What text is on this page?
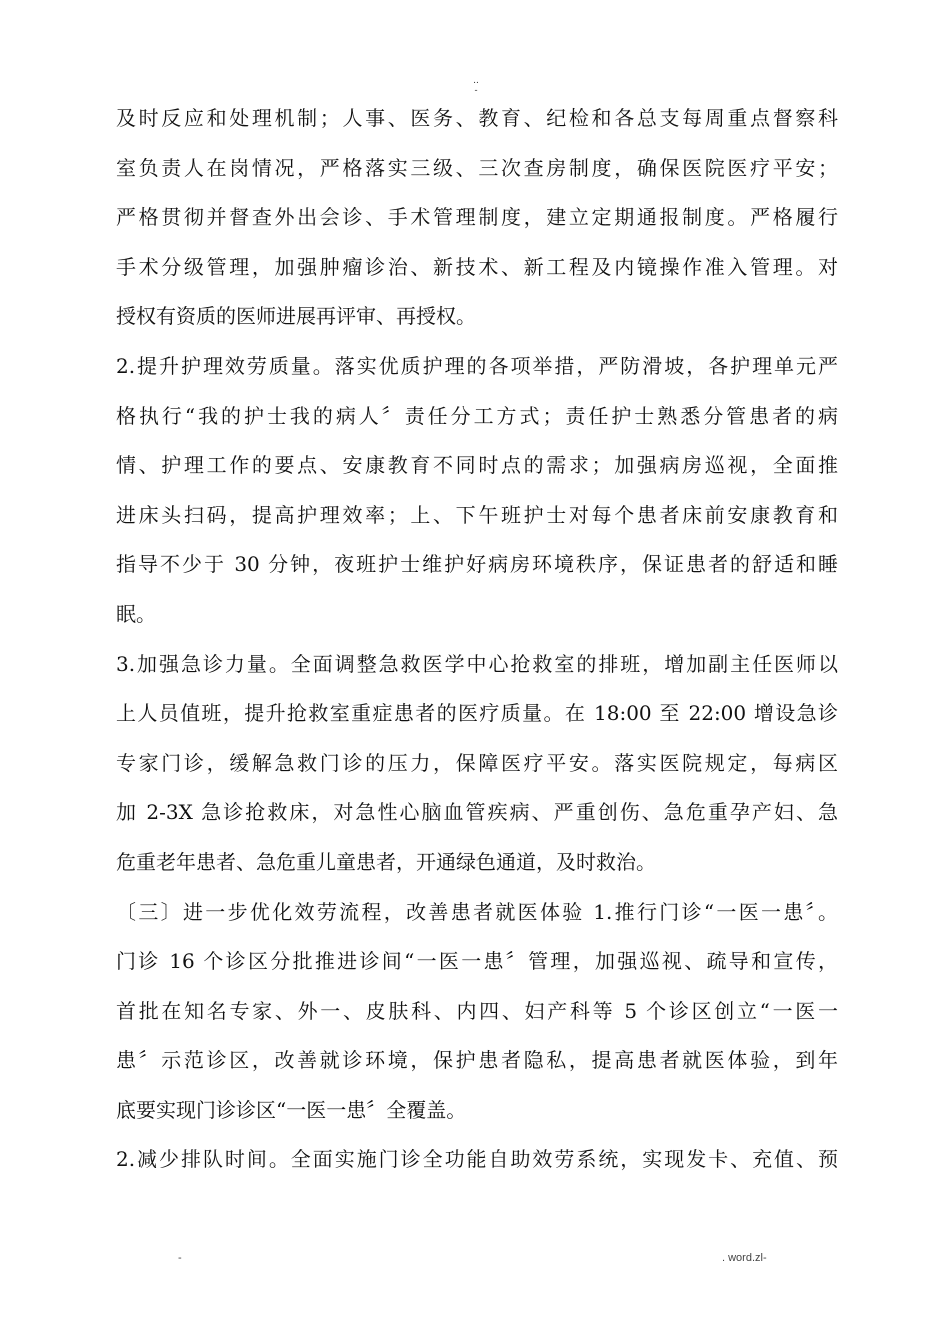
..
-
及时反应和处理机制；人事、医务、教育、纪检和各总支每周重点督察科
室负责人在岗情况，严格落实三级、三次查房制度，确保医院医疗平安；
严格贯彻并督查外出会诊、手术管理制度，建立定期通报制度。严格履行
手术分级管理，加强肿瘤诊治、新技术、新工程及内镜操作准入管理。对
授权有资质的医师进展再评审、再授权。
2.提升护理效劳质量。落实优质护理的各项举措，严防滑坡，各护理单元严
格执行“我的护士我的病人〞责任分工方式；责任护士熟悉分管患者的病
情、护理工作的要点、安康教育不同时点的需求；加强病房巡视，全面推
进床头扫码，提高护理效率；上、下午班护士对每个患者床前安康教育和
指导不少于 30 分钟，夜班护士维护好病房环境秩序，保证患者的舒适和睡
眠。
3.加强急诊力量。全面调整急救医学中心抢救室的排班，增加副主任医师以
上人员值班，提升抢救室重症患者的医疗质量。在 18:00 至 22:00 增设急诊
专家门诊，缓解急救门诊的压力，保障医疗平安。落实医院规定，每病区
加 2-3X 急诊抢救床，对急性心脑血管疾病、严重创伤、急危重孕产妇、急
危重老年患者、急危重儿童患者，开通绿色通道，及时救治。
〔三〕进一步优化效劳流程，改善患者就医体验 1.推行门诊“一医一患〞。
门诊 16 个诊区分批推进诊间“一医一患〞管理，加强巡视、疏导和宣传，
首批在知名专家、外一、皮肤科、内四、妇产科等 5 个诊区创立“一医一
患〞示范诊区，改善就诊环境，保护患者隐私，提高患者就医体验，到年
底要实现门诊诊区“一医一患〞全覆盖。
2.减少排队时间。全面实施门诊全功能自助效劳系统，实现发卡、充值、预
-	. word.zl-
